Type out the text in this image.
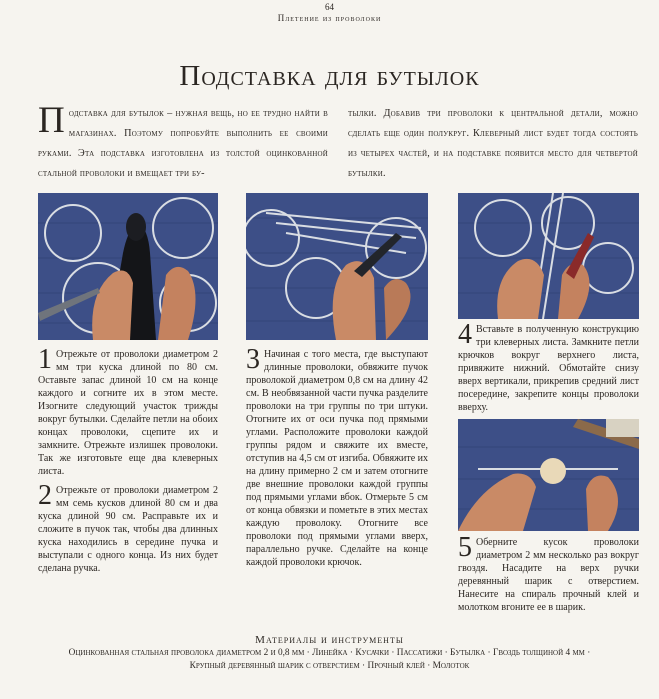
64
Плетение из проволоки
Подставка для бутылок
Подставка для бутылок – нужная вещь, но ее трудно найти в магазинах. Поэтому попробуйте выполнить ее своими руками. Эта подставка изготовлена из толстой оцинкованной стальной проволоки и вмещает три бу-
тылки. Добавив три проволоки к центральной детали, можно сделать еще один полукруг. Клеверный лист будет тогда состоять из четырех частей, и на подставке появится место для четвертой бутылки.
1 Отрежьте от проволоки диаметром 2 мм три куска длиной по 80 см. Оставьте запас длиной 10 см на конце каждого и согните их в этом месте. Изогните следующий участок трижды вокруг бутылки. Сделайте петли на обоих концах проволоки, сцепите их и замкните. Отрежьте излишек проволоки. Так же изготовьте еще два клеверных листа.
2 Отрежьте от проволоки диаметром 2 мм семь кусков длиной 80 см и два куска длиной 90 см. Расправьте их и сложите в пучок так, чтобы два длинных куска находились в середине пучка и выступали с одного конца. Из них будет сделана ручка.
3 Начиная с того места, где выступают длинные проволоки, обвяжите пучок проволокой диаметром 0,8 см на длину 42 см. В необвязанной части пучка разделите проволоки на три группы по три штуки. Отогните их от оси пучка под прямыми углами. Расположите проволоки каждой группы рядом и свяжите их вместе, отступив на 4,5 см от изгиба. Обвяжите их на длину примерно 2 см и затем отогните две внешние проволоки каждой группы под прямыми углами вбок. Отмерьте 5 см от конца обвязки и пометьте в этих местах каждую проволоку. Отогните все проволоки под прямыми углами вверх, параллельно ручке. Сделайте на конце каждой проволоки крючок.
4 Вставьте в полученную конструкцию три клеверных листа. Замкните петли крючков вокруг верхнего листа, привяжите нижний. Обмотайте снизу вверх вертикали, прикрепив средний лист посередине, закрепите концы проволоки вверху.
5 Оберните кусок проволоки диаметром 2 мм несколько раз вокруг гвоздя. Насадите на верх ручки деревянный шарик с отверстием. Нанесите на спираль прочный клей и молотком вгоните ее в шарик.
Материалы и инструменты
Оцинкованная стальная проволока диаметром 2 и 0,8 мм · Линейка · Кусачки · Пассатижи · Бутылка · Гвоздь толщиной 4 мм ·
Крупный деревянный шарик с отверстием · Прочный клей · Молоток
